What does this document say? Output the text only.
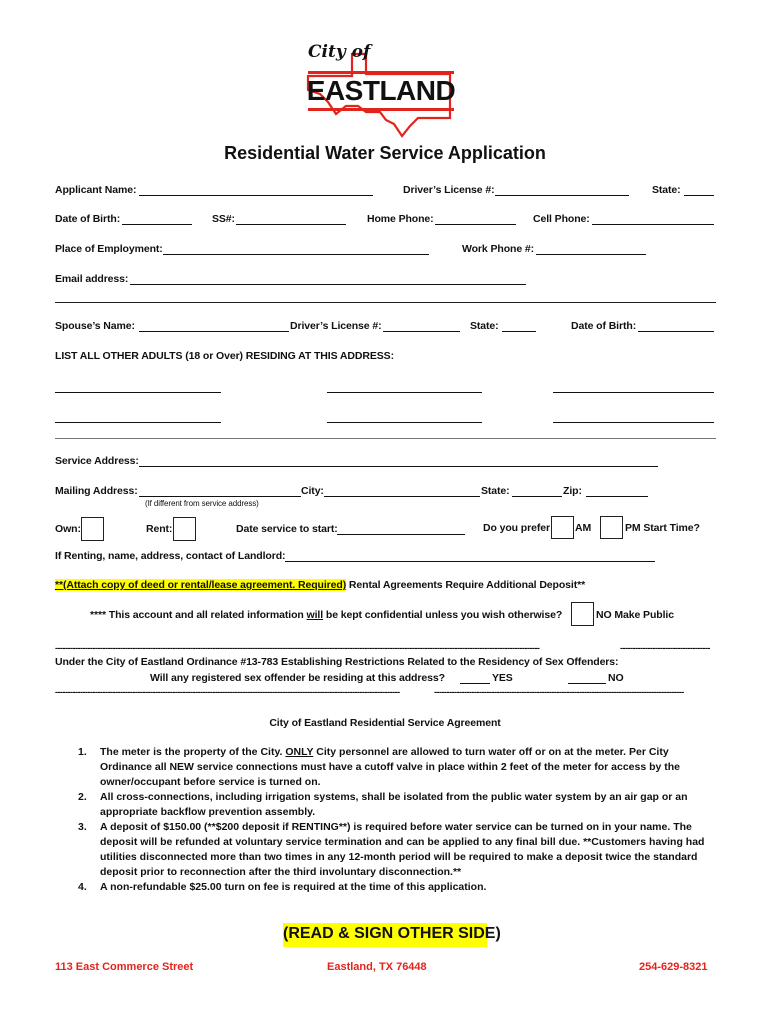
City of
EASTLAND
Residential Water Service Application
Applicant Name:	Driver’s License #:	State:
Date of Birth:	SS#:	Home Phone:	Cell Phone:
Place of Employment:	Work Phone #:
Email address:
Spouse’s Name:	Driver’s License #:	State:	Date of Birth:
LIST ALL OTHER ADULTS (18 or Over) RESIDING AT THIS ADDRESS:
Service Address:
Mailing Address:
(If different from service address)
City:	State:	Zip:
Own:	Rent:	Date service to start:	Do you prefer AM	PM Start Time?
If Renting, name, address, contact of Landlord:
**(Attach copy of deed or rental/lease agreement. Required) Rental Agreements Require Additional Deposit**
**** This account and all related information will be kept confidential unless you wish otherwise?	NO Make Public
--------------------------------------------------------------------------------------------------------------------------------------------------------------------------------------------------	------------------------------------
Under the City of Eastland Ordinance #13-783 Establishing Restrictions Related to the Residency of Sex Offenders:
Will any registered sex offender be residing at this address?	YES	NO
------------------------------------------------------------------------------------------------------------------------------------------	----------------------------------------------------------------------------------------------------
City of Eastland Residential Service Agreement
1. The meter is the property of the City. ONLY City personnel are allowed to turn water off or on at the meter. Per City Ordinance all NEW service connections must have a cutoff valve in place within 2 feet of the meter for access by the owner/occupant before service is turned on.
2. All cross-connections, including irrigation systems, shall be isolated from the public water system by an air gap or an appropriate backflow prevention assembly.
3. A deposit of $150.00 (**$200 deposit if RENTING**) is required before water service can be turned on in your name. The deposit will be refunded at voluntary service termination and can be applied to any final bill due. **Customers having had utilities disconnected more than two times in any 12-month period will be required to make a deposit twice the standard deposit prior to reconnection after the third involuntary disconnection.**
4. A non-refundable $25.00 turn on fee is required at the time of this application.
(READ & SIGN OTHER SIDE)
113 East Commerce Street	Eastland, TX 76448	254-629-8321
